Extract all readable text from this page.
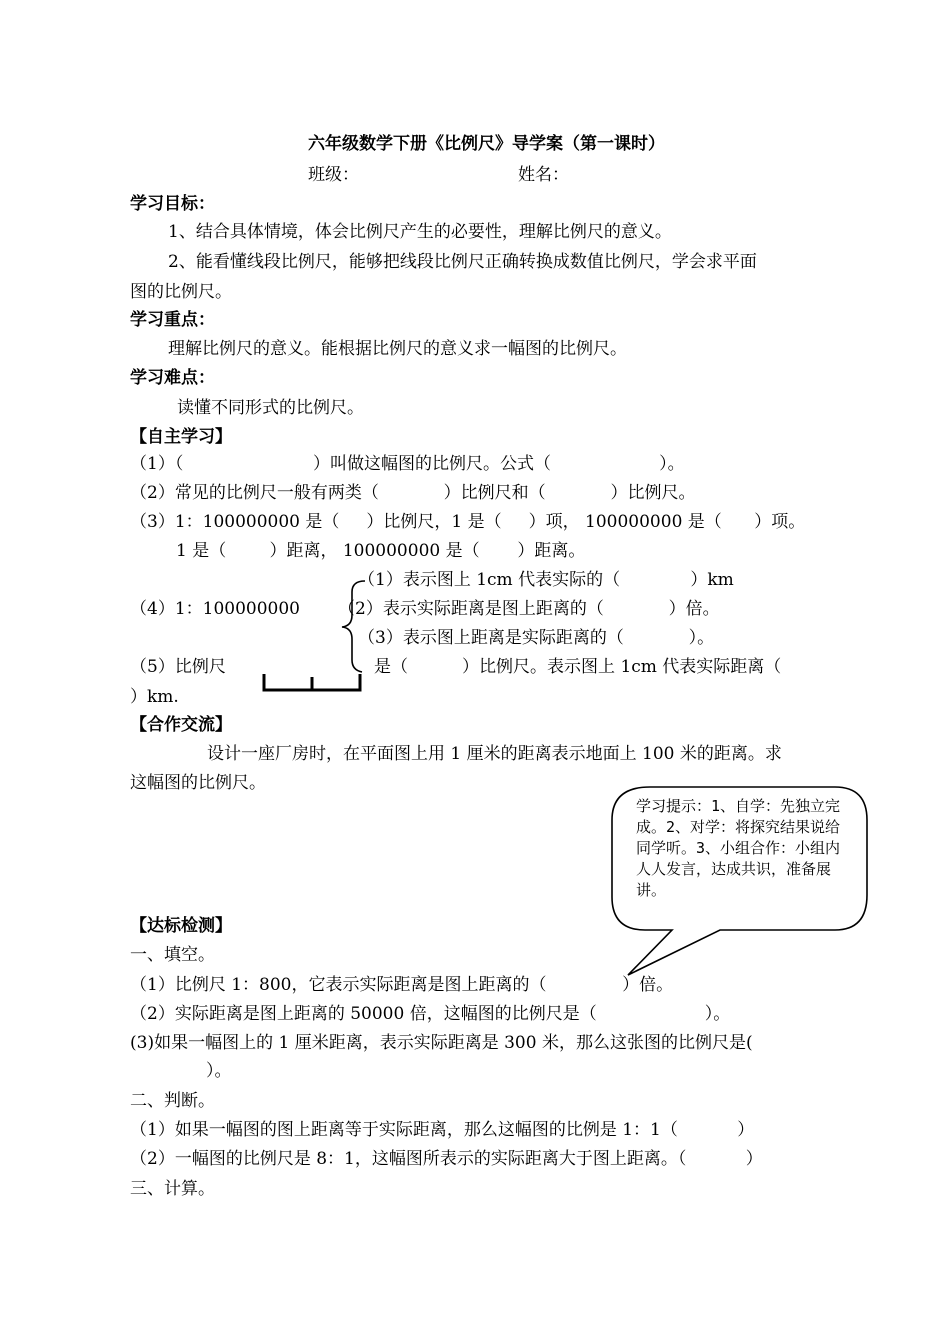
六年级数学下册《比例尺》导学案（第一课时）
班级：	姓名：
学习目标：
1、结合具体情境，体会比例尺产生的必要性，理解比例尺的意义。
2、能看懂线段比例尺，能够把线段比例尺正确转换成数值比例尺，学会求平面
图的比例尺。
学习重点：
理解比例尺的意义。能根据比例尺的意义求一幅图的比例尺。
学习难点：
读懂不同形式的比例尺。
【自主学习】
（1）（                        ）叫做这幅图的比例尺。公式（                    ）。
（2）常见的比例尺一般有两类（            ）比例尺和（            ）比例尺。
（3）1：100000000 是（     ）比例尺，1 是（     ）项， 100000000 是（      ）项。
1 是（        ）距离， 100000000 是（       ）距离。
（4）1：100000000
（1）表示图上 1cm 代表实际的（             ）km
（2）表示实际距离是图上距离的（            ）倍。
（3）表示图上距离是实际距离的（            ）。
（5）比例尺	是（          ）比例尺。表示图上 1cm 代表实际距离（
）km.
【合作交流】
设计一座厂房时，在平面图上用 1 厘米的距离表示地面上 100 米的距离。求
这幅图的比例尺。
学习提示：1、自学：先独立完成。2、对学：将探究结果说给同学听。3、小组合作：小组内人人发言，达成共识，准备展讲。
【达标检测】
一、填空。
（1）比例尺 1：800，它表示实际距离是图上距离的（              ）倍。
（2）实际距离是图上距离的 50000 倍，这幅图的比例尺是（                    ）。
(3)如果一幅图上的 1 厘米距离，表示实际距离是 300 米，那么这张图的比例尺是(
）。
二、判断。
（1）如果一幅图的图上距离等于实际距离，那么这幅图的比例是 1：1（           ）
（2）一幅图的比例尺是 8：1，这幅图所表示的实际距离大于图上距离。（           ）
三、计算。
